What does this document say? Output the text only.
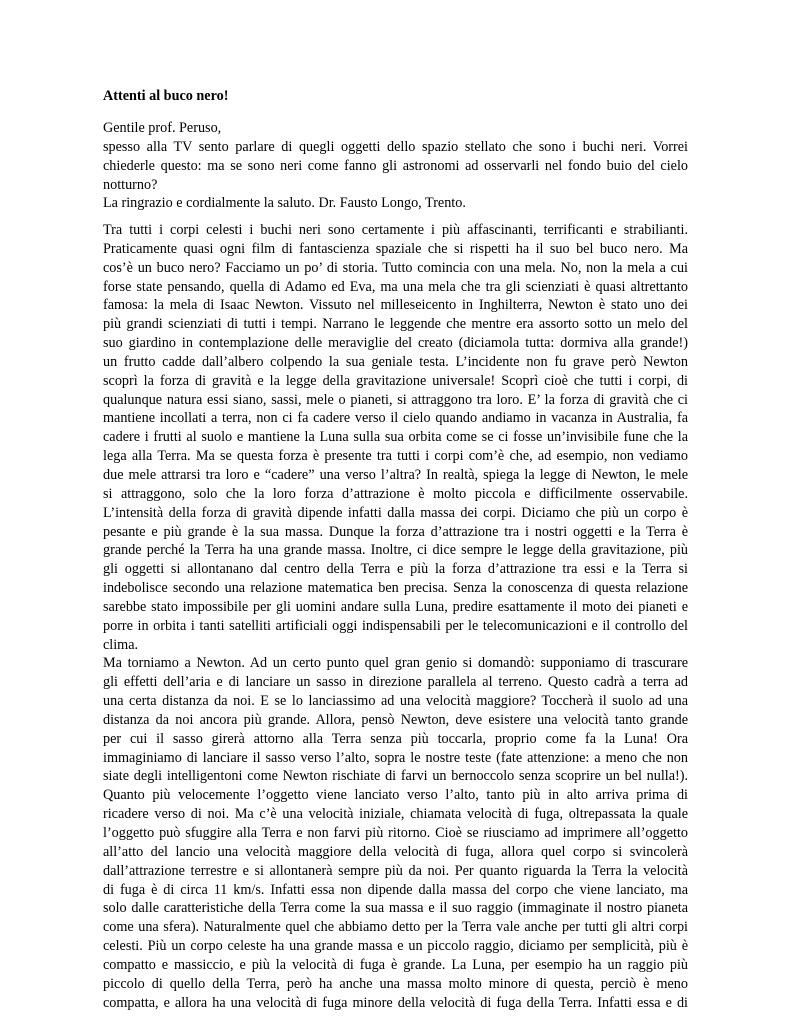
Attenti al buco nero!
Gentile prof. Peruso,
spesso alla TV sento parlare di quegli oggetti dello spazio stellato che sono i buchi neri. Vorrei
chiederle questo: ma se sono neri come fanno gli astronomi ad osservarli nel fondo buio del cielo
notturno?
La ringrazio e cordialmente la saluto. Dr. Fausto Longo, Trento.
Tra tutti i corpi celesti i buchi neri sono certamente i più affascinanti, terrificanti e strabilianti.
Praticamente quasi ogni film di fantascienza spaziale che si rispetti ha il suo bel buco nero. Ma
cos’è un buco nero? Facciamo un po’ di storia. Tutto comincia con una mela. No, non la mela a cui
forse state pensando, quella di Adamo ed Eva, ma una mela che tra gli scienziati è quasi altrettanto
famosa: la mela di Isaac Newton. Vissuto nel milleseicento in Inghilterra, Newton è stato uno dei
più grandi scienziati di tutti i tempi. Narrano le leggende che mentre era assorto sotto un melo del
suo giardino in contemplazione delle meraviglie del creato (diciamola tutta: dormiva alla grande!)
un frutto cadde dall’albero colpendo la sua geniale testa. L’incidente non fu grave però Newton
scoprì la forza di gravità e la legge della gravitazione universale! Scoprì cioè che tutti i corpi, di
qualunque natura essi siano, sassi, mele o pianeti, si attraggono tra loro. E’ la forza di gravità che ci
mantiene incollati a terra, non ci fa cadere verso il cielo quando andiamo in vacanza in Australia, fa
cadere i frutti al suolo e mantiene la Luna sulla sua orbita come se ci fosse un’invisibile fune che la
lega alla Terra. Ma se questa forza è presente tra tutti i corpi com’è che, ad esempio, non vediamo
due mele attrarsi tra loro e “cadere” una verso l’altra? In realtà, spiega la legge di Newton, le mele
si attraggono, solo che la loro forza d’attrazione è molto piccola e difficilmente osservabile.
L’intensità della forza di gravità dipende infatti dalla massa dei corpi. Diciamo che più un corpo è
pesante e più grande è la sua massa. Dunque la forza d’attrazione tra i nostri oggetti e la Terra è
grande perché la Terra ha una grande massa. Inoltre, ci dice sempre le legge della gravitazione, più
gli oggetti si allontanano dal centro della Terra e più la forza d’attrazione tra essi e la Terra si
indebolisce secondo una relazione matematica ben precisa. Senza la conoscenza di questa relazione
sarebbe stato impossibile per gli uomini andare sulla Luna, predire esattamente il moto dei pianeti e
porre in orbita i tanti satelliti artificiali oggi indispensabili per le telecomunicazioni e il controllo del
clima.
Ma torniamo a Newton. Ad un certo punto quel gran genio si domandò: supponiamo di trascurare
gli effetti dell’aria e di lanciare un sasso in direzione parallela al terreno. Questo cadrà a terra ad
una certa distanza da noi. E se lo lanciassimo ad una velocità maggiore? Toccherà il suolo ad una
distanza da noi ancora più grande. Allora, pensò Newton, deve esistere una velocità tanto grande
per cui il sasso girerà attorno alla Terra senza più toccarla, proprio come fa la Luna! Ora
immaginiamo di lanciare il sasso verso l’alto, sopra le nostre teste (fate attenzione: a meno che non
siate degli intelligentoni come Newton rischiate di farvi un bernoccolo senza scoprire un bel nulla!).
Quanto più velocemente l’oggetto viene lanciato verso l’alto, tanto più in alto arriva prima di
ricadere verso di noi. Ma c’è una velocità iniziale, chiamata velocità di fuga, oltrepassata la quale
l’oggetto può sfuggire alla Terra e non farvi più ritorno. Cioè se riusciamo ad imprimere all’oggetto
all’atto del lancio una velocità maggiore della velocità di fuga, allora quel corpo si svincolerà
dall’attrazione terrestre e si allontanerà sempre più da noi. Per quanto riguarda la Terra la velocità
di fuga è di circa 11 km/s. Infatti essa non dipende dalla massa del corpo che viene lanciato, ma
solo dalle caratteristiche della Terra come la sua massa e il suo raggio (immaginate il nostro pianeta
come una sfera). Naturalmente quel che abbiamo detto per la Terra vale anche per tutti gli altri corpi
celesti. Più un corpo celeste ha una grande massa e un piccolo raggio, diciamo per semplicità, più è
compatto e massiccio, e più la velocità di fuga è grande. La Luna, per esempio ha un raggio più
piccolo di quello della Terra, però ha anche una massa molto minore di questa, perciò è meno
compatta, e allora ha una velocità di fuga minore della velocità di fuga della Terra. Infatti essa e di
